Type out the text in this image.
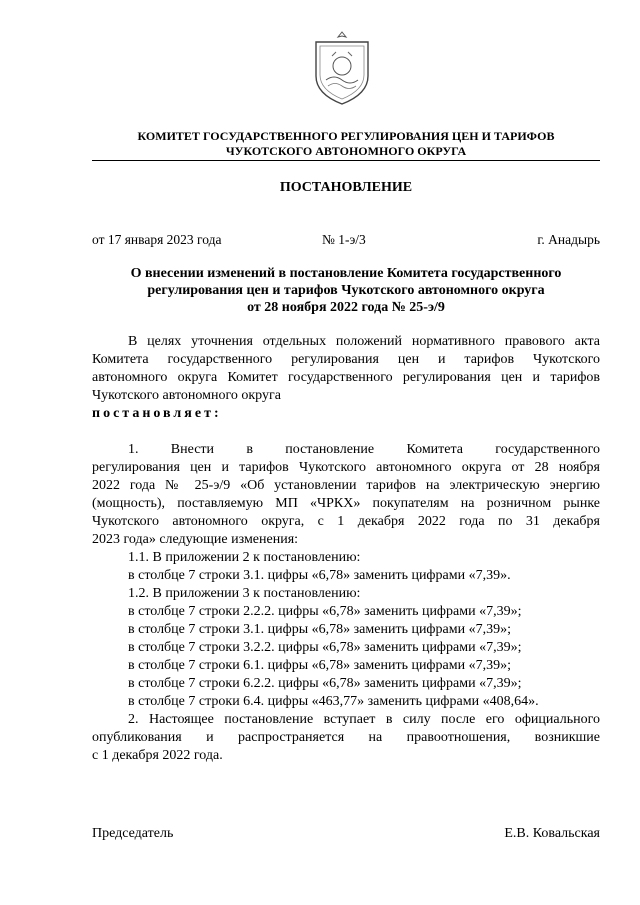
КОМИТЕТ ГОСУДАРСТВЕННОГО РЕГУЛИРОВАНИЯ ЦЕН И ТАРИФОВ
ЧУКОТСКОГО АВТОНОМНОГО ОКРУГА
ПОСТАНОВЛЕНИЕ
от 17 января 2023 года	№ 1-э/3	г. Анадырь
О внесении изменений в постановление Комитета государственного
регулирования цен и тарифов Чукотского автономного округа
от 28 ноября 2022 года № 25-э/9

В целях уточнения отдельных положений нормативного правового акта

Комитета государственного регулирования цен и тарифов Чукотского

автономного округа Комитет государственного регулирования цен и тарифов

Чукотского автономного округа

постановляет:

1. Внести в постановление Комитета государственного

регулирования цен и тарифов Чукотского автономного округа от 28 ноября

2022 года № 25-э/9 «Об установлении тарифов на электрическую энергию

(мощность), поставляемую МП «ЧРКХ» покупателям на розничном рынке

Чукотского автономного округа, с 1 декабря 2022 года по 31 декабря

2023 года» следующие изменения:

1.1. В приложении 2 к постановлению:

в столбце 7 строки 3.1. цифры «6,78» заменить цифрами «7,39».

1.2. В приложении 3 к постановлению:

в столбце 7 строки 2.2.2. цифры «6,78» заменить цифрами «7,39»;

в столбце 7 строки 3.1. цифры «6,78» заменить цифрами «7,39»;

в столбце 7 строки 3.2.2. цифры «6,78» заменить цифрами «7,39»;

в столбце 7 строки 6.1. цифры «6,78» заменить цифрами «7,39»;

в столбце 7 строки 6.2.2. цифры «6,78» заменить цифрами «7,39»;

в столбце 7 строки 6.4. цифры «463,77» заменить цифрами «408,64».

2. Настоящее постановление вступает в силу после его официального

опубликования и распространяется на правоотношения, возникшие

с 1 декабря 2022 года.

Председатель	Е.В. Ковальская
